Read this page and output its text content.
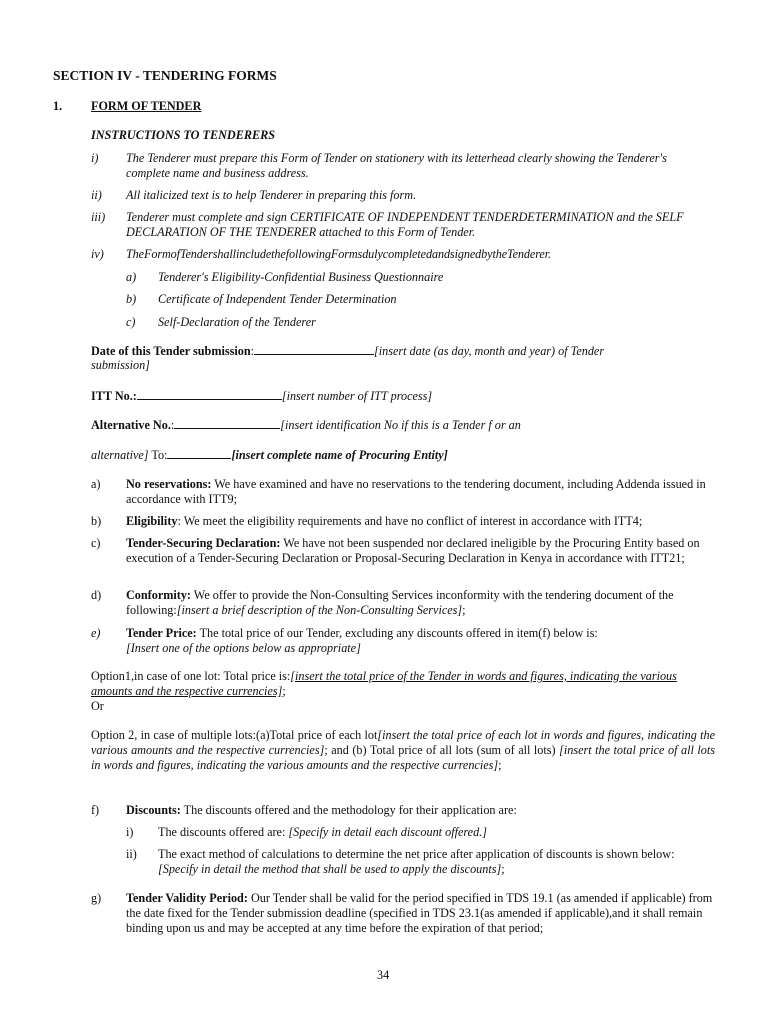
SECTION IV - TENDERING FORMS
1. FORM OF TENDER
INSTRUCTIONS TO TENDERERS
i) The Tenderer must prepare this Form of Tender on stationery with its letterhead clearly showing the Tenderer's complete name and business address.
ii) All italicized text is to help Tenderer in preparing this form.
iii) Tenderer must complete and sign CERTIFICATE OF INDEPENDENT TENDERDETERMINATION and the SELF DECLARATION OF THE TENDERER attached to this Form of Tender.
iv) TheFormofTendershallincludethefollowingFormsdulycompletedandsignedbytheTenderer.
a) Tenderer's Eligibility-Confidential Business Questionnaire
b) Certificate of Independent Tender Determination
c) Self-Declaration of the Tenderer
Date of this Tender submission:	[insert date (as day, month and year) of Tender
submission]
ITT No.:	[insert number of ITT process]
Alternative No.:	[insert identification No if this is a Tender f or an
alternative] To:	[insert complete name of Procuring Entity]
a) No reservations: We have examined and have no reservations to the tendering document, including Addenda issued in accordance with ITT9;
b) Eligibility: We meet the eligibility requirements and have no conflict of interest in accordance with ITT4;
c) Tender-Securing Declaration: We have not been suspended nor declared ineligible by the Procuring Entity based on execution of a Tender-Securing Declaration or Proposal-Securing Declaration in Kenya in accordance with ITT21;
d) Conformity: We offer to provide the Non-Consulting Services inconformity with the tendering document of the following:[insert a brief description of the Non-Consulting Services];
e) Tender Price: The total price of our Tender, excluding any discounts offered in item(f) below is:
[Insert one of the options below as appropriate]
Option1,in case of one lot: Total price is:[insert the total price of the Tender in words and figures, indicating the various amounts and the respective currencies];
Or
Option 2, in case of multiple lots:(a)Total price of each lot[insert the total price of each lot in words and figures, indicating the various amounts and the respective currencies]; and (b) Total price of all lots (sum of all lots) [insert the total price of all lots in words and figures, indicating the various amounts and the respective currencies];
f) Discounts: The discounts offered and the methodology for their application are:
i) The discounts offered are: [Specify in detail each discount offered.]
ii) The exact method of calculations to determine the net price after application of discounts is shown below: [Specify in detail the method that shall be used to apply the discounts];
g) Tender Validity Period: Our Tender shall be valid for the period specified in TDS 19.1 (as amended if applicable) from the date fixed for the Tender submission deadline (specified in TDS 23.1(as amended if applicable),and it shall remain binding upon us and may be accepted at any time before the expiration of that period;
34
